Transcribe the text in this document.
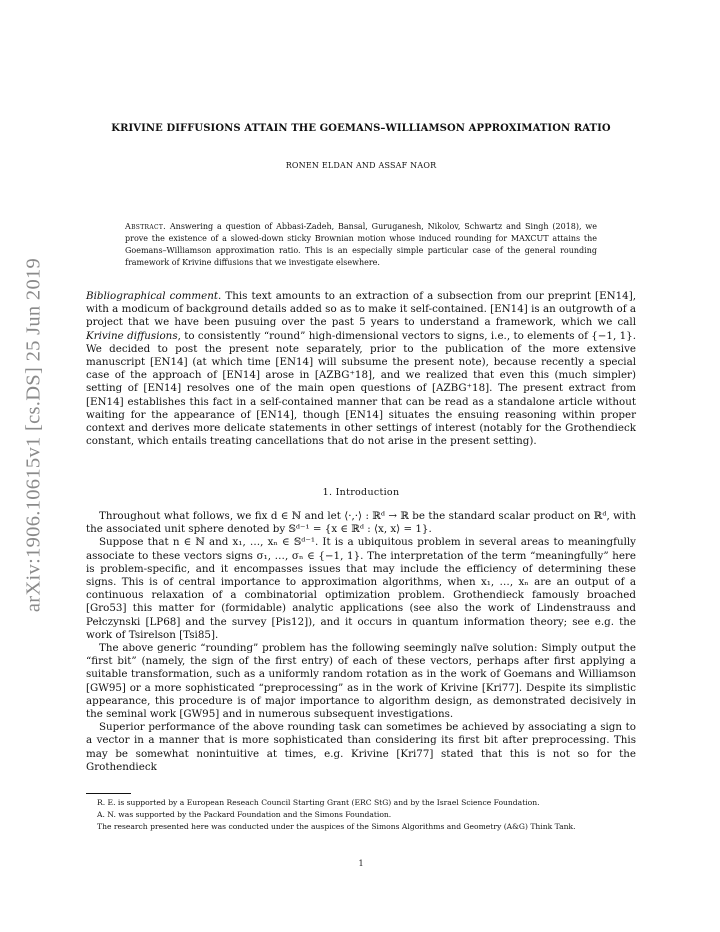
arXiv:1906.10615v1 [cs.DS] 25 Jun 2019
KRIVINE DIFFUSIONS ATTAIN THE GOEMANS–WILLIAMSON APPROXIMATION RATIO
RONEN ELDAN AND ASSAF NAOR
Abstract. Answering a question of Abbasi-Zadeh, Bansal, Guruganesh, Nikolov, Schwartz and Singh (2018), we prove the existence of a slowed-down sticky Brownian motion whose induced rounding for MAXCUT attains the Goemans–Williamson approximation ratio. This is an especially simple particular case of the general rounding framework of Krivine diffusions that we investigate elsewhere.

Bibliographical comment. This text amounts to an extraction of a subsection from our preprint [EN14], with a modicum of background details added so as to make it self-contained. [EN14] is an outgrowth of a project that we have been pusuing over the past 5 years to understand a framework, which we call Krivine diffusions, to consistently “round” high-dimensional vectors to signs, i.e., to elements of {−1, 1}. We decided to post the present note separately, prior to the publication of the more extensive manuscript [EN14] (at which time [EN14] will subsume the present note), because recently a special case of the approach of [EN14] arose in [AZBG⁺18], and we realized that even this (much simpler) setting of [EN14] resolves one of the main open questions of [AZBG⁺18]. The present extract from [EN14] establishes this fact in a self-contained manner that can be read as a standalone article without waiting for the appearance of [EN14], though [EN14] situates the ensuing reasoning within proper context and derives more delicate statements in other settings of interest (notably for the Grothendieck constant, which entails treating cancellations that do not arise in the present setting).

1. Introduction

Throughout what follows, we fix d ∈ ℕ and let ⟨·,·⟩ : ℝᵈ → ℝ be the standard scalar product on ℝᵈ, with the associated unit sphere denoted by 𝕊ᵈ⁻¹ = {x ∈ ℝᵈ : ⟨x, x⟩ = 1}.

Suppose that n ∈ ℕ and x₁, …, xₙ ∈ 𝕊ᵈ⁻¹. It is a ubiquitous problem in several areas to meaningfully associate to these vectors signs σ₁, …, σₙ ∈ {−1, 1}. The interpretation of the term “meaningfully” here is problem-specific, and it encompasses issues that may include the efficiency of determining these signs. This is of central importance to approximation algorithms, when x₁, …, xₙ are an output of a continuous relaxation of a combinatorial optimization problem. Grothendieck famously broached [Gro53] this matter for (formidable) analytic applications (see also the work of Lindenstrauss and Pełczynski [LP68] and the survey [Pis12]), and it occurs in quantum information theory; see e.g. the work of Tsirelson [Tsi85].

The above generic “rounding” problem has the following seemingly naïve solution: Simply output the “first bit” (namely, the sign of the first entry) of each of these vectors, perhaps after first applying a suitable transformation, such as a uniformly random rotation as in the work of Goemans and Williamson [GW95] or a more sophisticated “preprocessing” as in the work of Krivine [Kri77]. Despite its simplistic appearance, this procedure is of major importance to algorithm design, as demonstrated decisively in the seminal work [GW95] and in numerous subsequent investigations.

Superior performance of the above rounding task can sometimes be achieved by associating a sign to a vector in a manner that is more sophisticated than considering its first bit after preprocessing. This may be somewhat nonintuitive at times, e.g. Krivine [Kri77] stated that this is not so for the Grothendieck

R. E. is supported by a European Reseach Council Starting Grant (ERC StG) and by the Israel Science Foundation.
A. N. was supported by the Packard Foundation and the Simons Foundation.
The research presented here was conducted under the auspices of the Simons Algorithms and Geometry (A&G) Think Tank.
1
